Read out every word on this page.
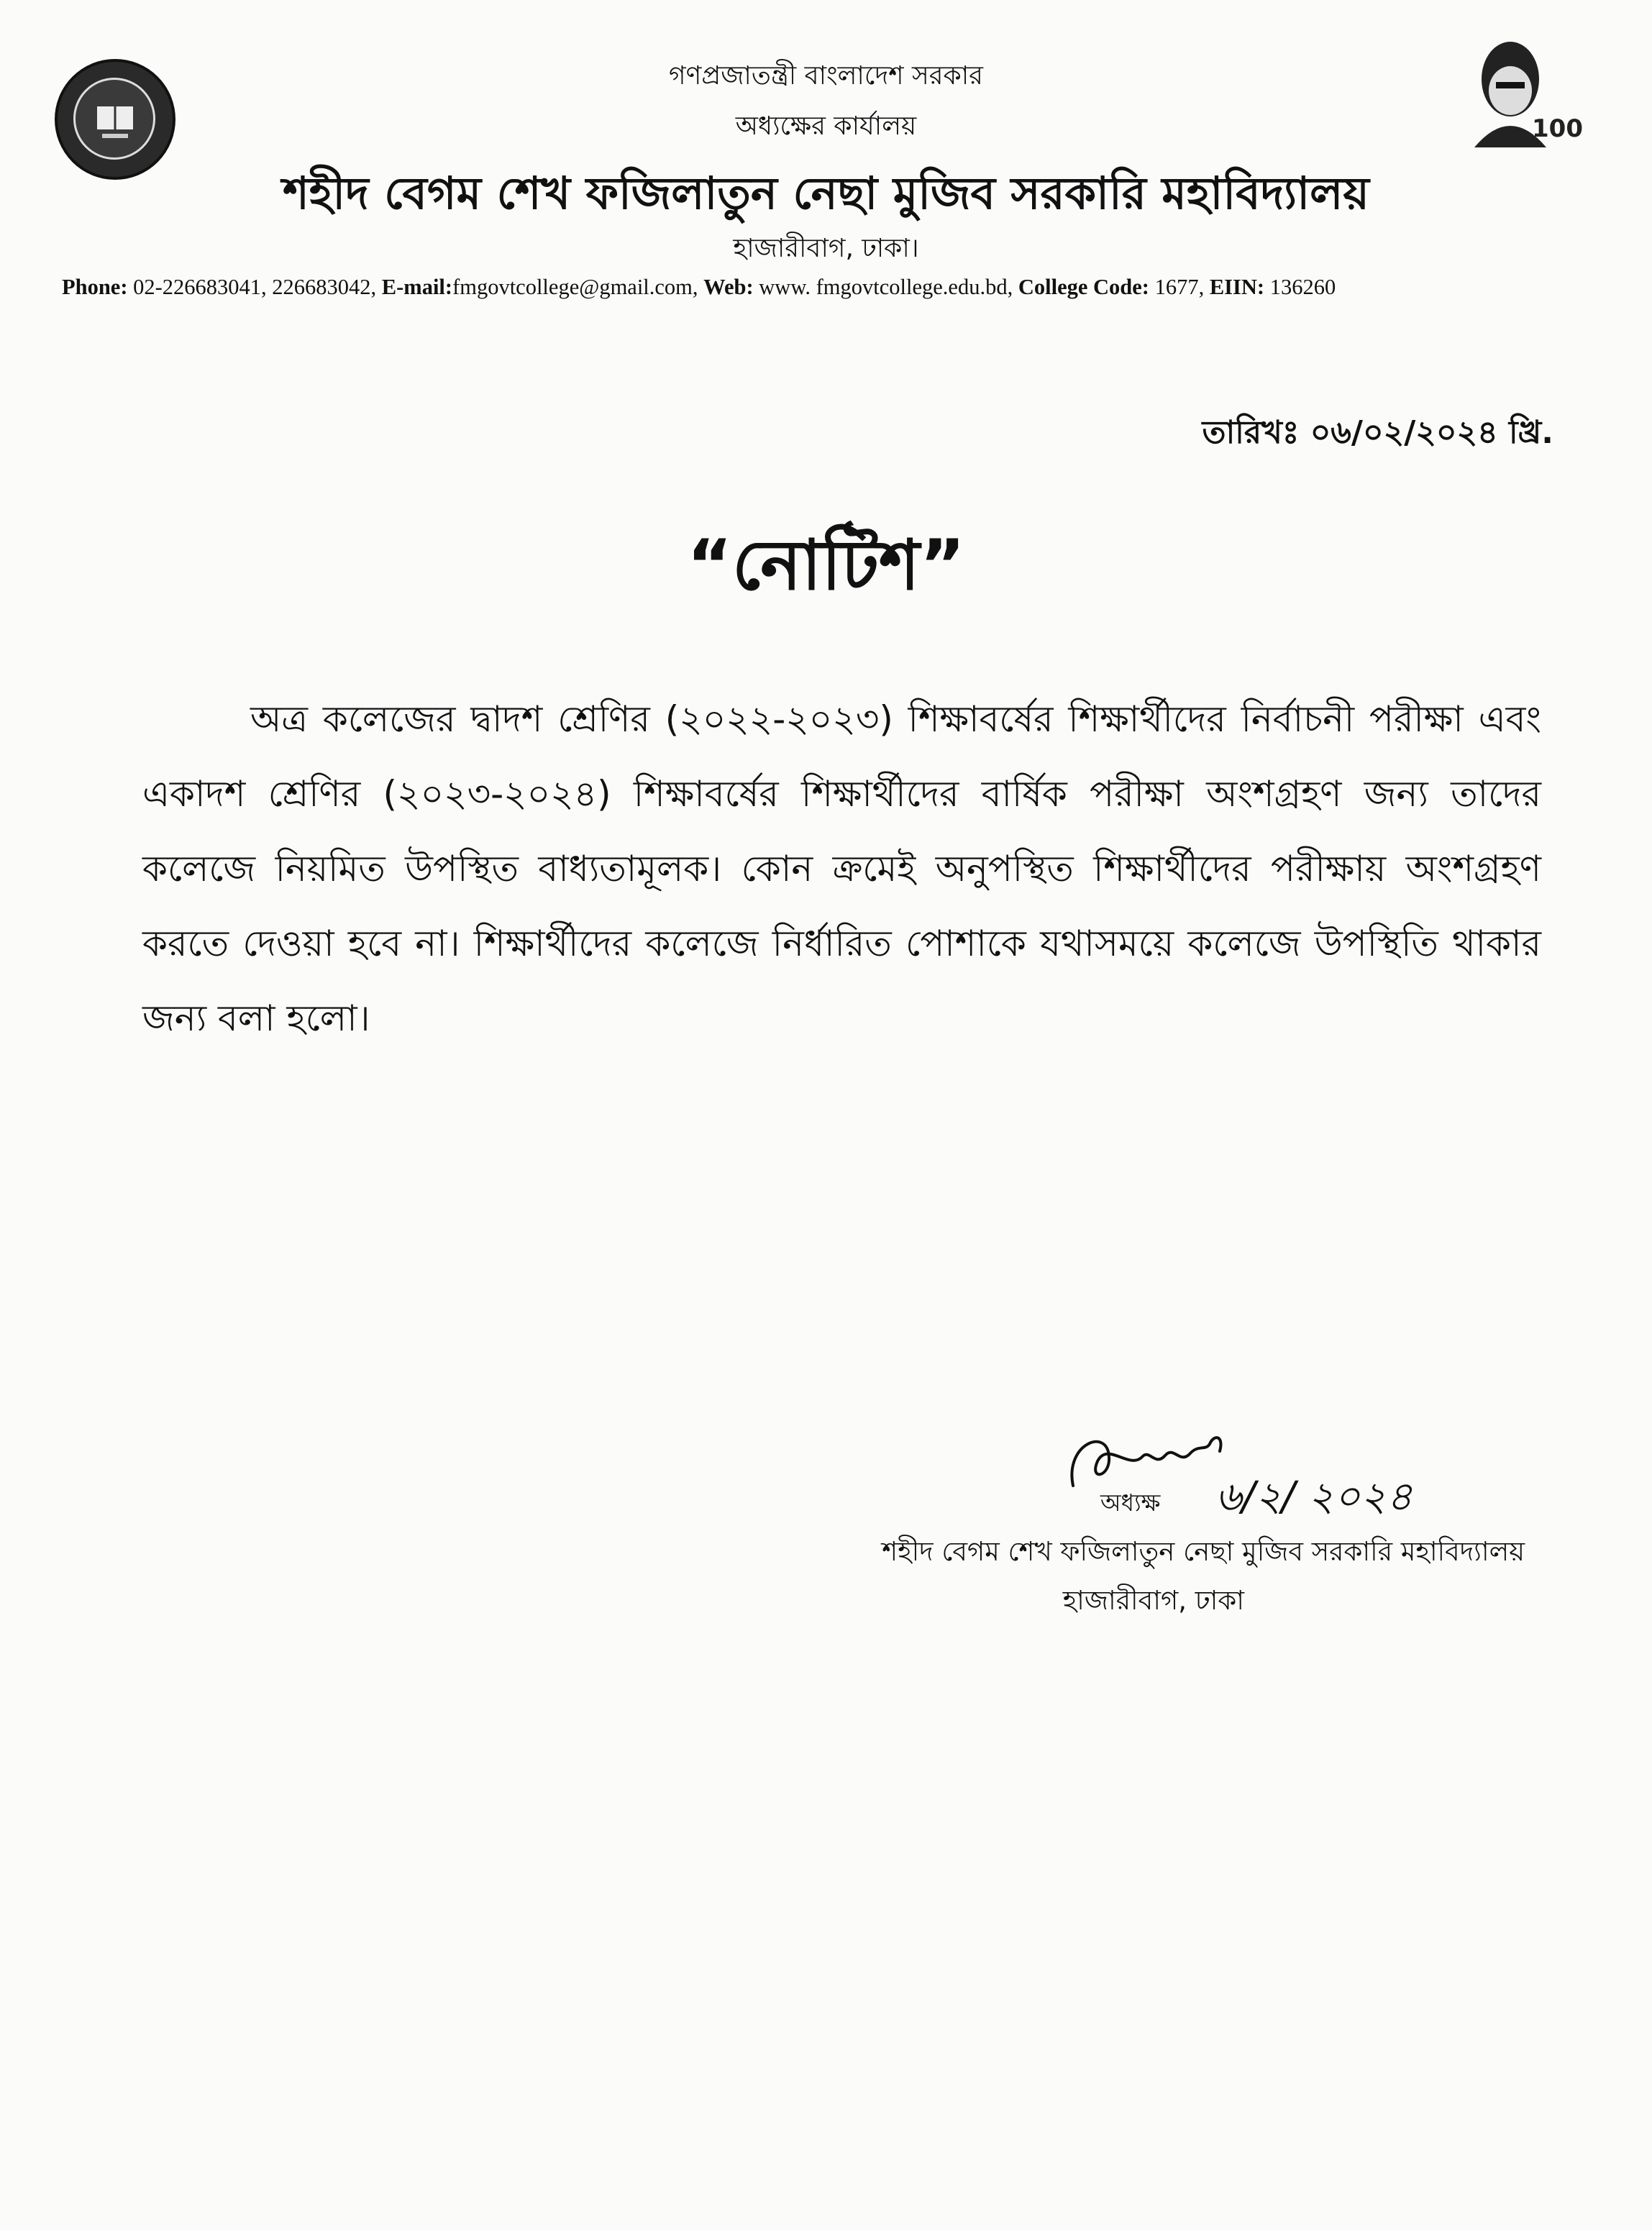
100
গণপ্রজাতন্ত্রী বাংলাদেশ সরকার
অধ্যক্ষের কার্যালয়
শহীদ বেগম শেখ ফজিলাতুন নেছা মুজিব সরকারি মহাবিদ্যালয়
হাজারীবাগ, ঢাকা।
Phone: 02-226683041, 226683042, E-mail:fmgovtcollege@gmail.com, Web: www. fmgovtcollege.edu.bd, College Code: 1677, EIIN: 136260
তারিখঃ ০৬/০২/২০২৪ খ্রি.
“নোটিশ”
অত্র কলেজের দ্বাদশ শ্রেণির (২০২২-২০২৩) শিক্ষাবর্ষের শিক্ষার্থীদের নির্বাচনী পরীক্ষা এবং একাদশ শ্রেণির (২০২৩-২০২৪) শিক্ষাবর্ষের শিক্ষার্থীদের বার্ষিক পরীক্ষা অংশগ্রহণ জন্য তাদের কলেজে নিয়মিত উপস্থিত বাধ্যতামূলক। কোন ক্রমেই অনুপস্থিত শিক্ষার্থীদের পরীক্ষায় অংশগ্রহণ করতে দেওয়া হবে না। শিক্ষার্থীদের কলেজে নির্ধারিত পোশাকে যথাসময়ে কলেজে উপস্থিতি থাকার জন্য বলা হলো।
৬/২/ ২০২৪
অধ্যক্ষ
শহীদ বেগম শেখ ফজিলাতুন নেছা মুজিব সরকারি মহাবিদ্যালয়
হাজারীবাগ, ঢাকা
